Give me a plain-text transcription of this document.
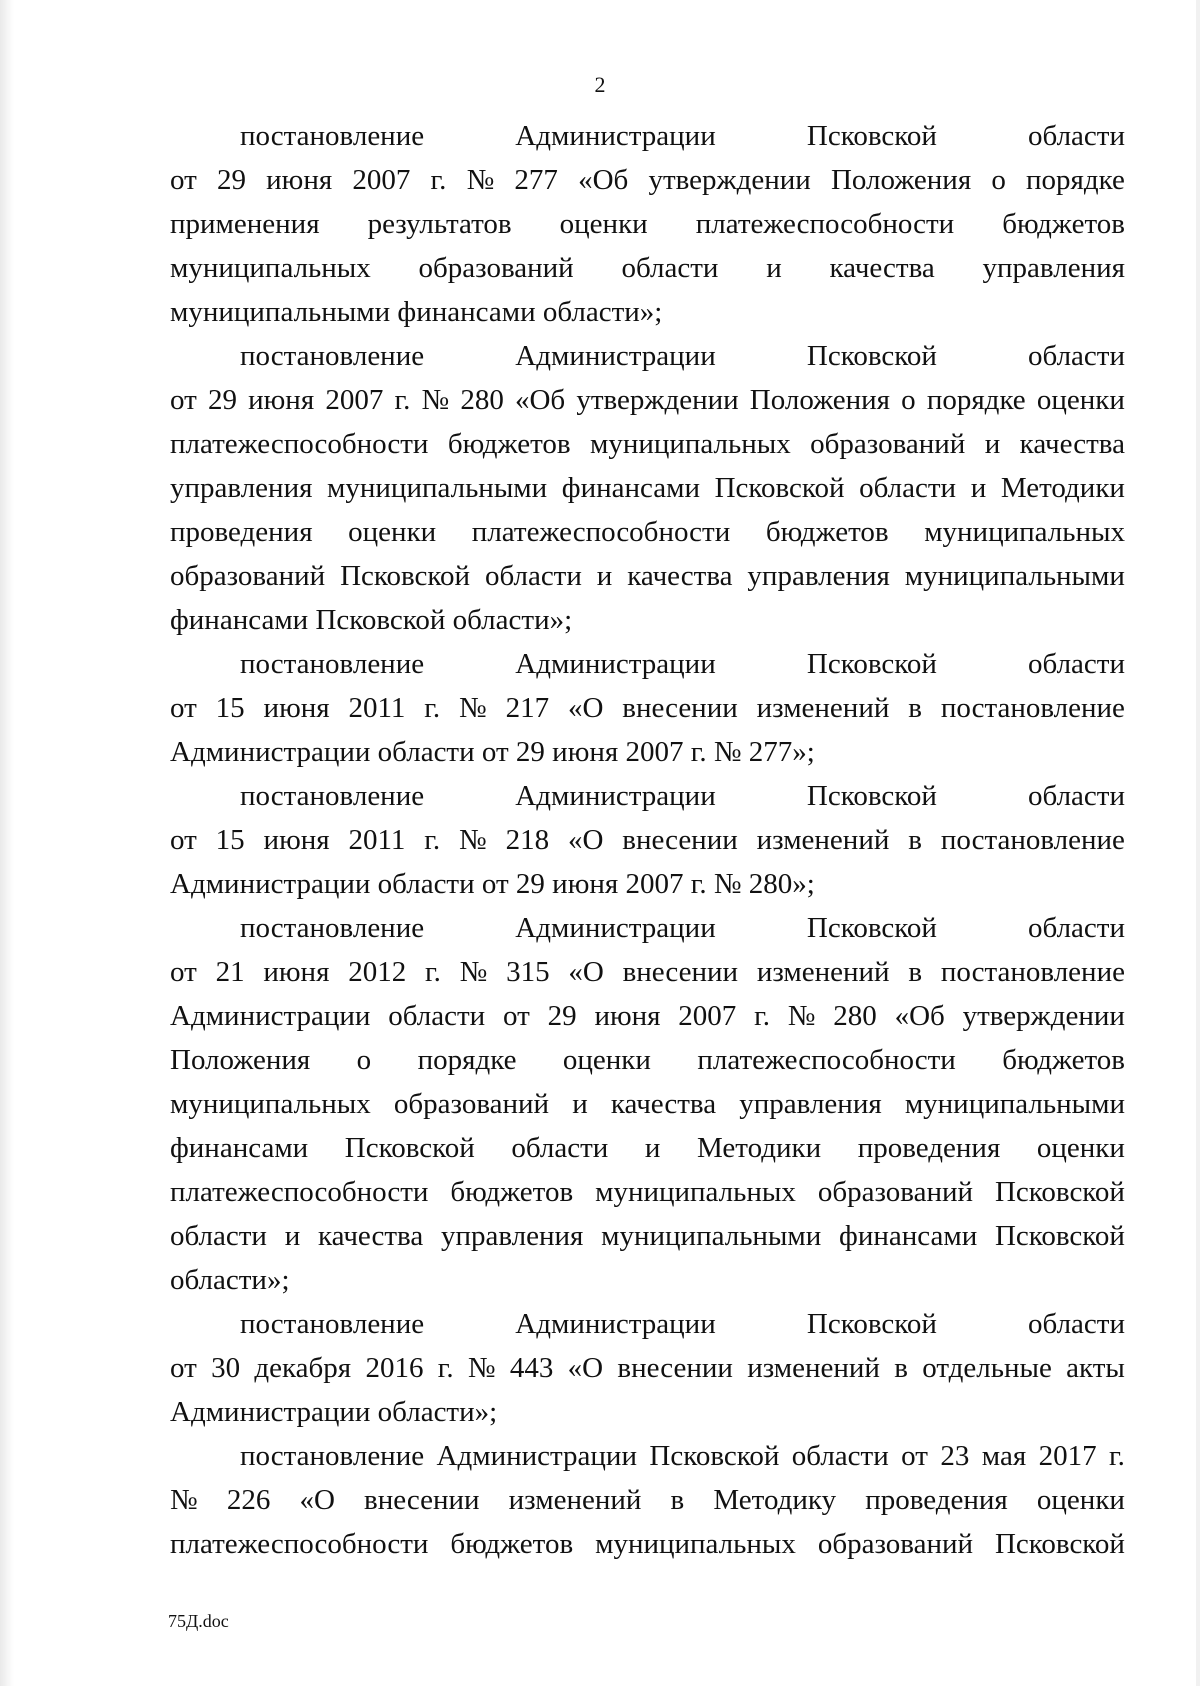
2

постановление	Администрации	Псковской	области
от 29 июня 2007 г. № 277 «Об утверждении Положения о порядке
применения результатов оценки платежеспособности бюджетов
муниципальных образований области и качества управления
муниципальными финансами области»;

постановление	Администрации	Псковской	области
от 29 июня 2007 г. № 280 «Об утверждении Положения о порядке оценки
платежеспособности бюджетов муниципальных образований и качества
управления муниципальными финансами Псковской области и Методики
проведения оценки платежеспособности бюджетов муниципальных
образований Псковской области и качества управления муниципальными
финансами Псковской области»;

постановление	Администрации	Псковской	области
от 15 июня 2011 г. № 217 «О внесении изменений в постановление
Администрации области от 29 июня 2007 г. № 277»;

постановление	Администрации	Псковской	области
от 15 июня 2011 г. № 218 «О внесении изменений в постановление
Администрации области от 29 июня 2007 г. № 280»;

постановление	Администрации	Псковской	области
от 21 июня 2012 г. № 315 «О внесении изменений в постановление
Администрации области от 29 июня 2007 г. № 280 «Об утверждении
Положения о порядке оценки платежеспособности бюджетов
муниципальных образований и качества управления муниципальными
финансами Псковской области и Методики проведения оценки
платежеспособности бюджетов муниципальных образований Псковской
области и качества управления муниципальными финансами Псковской
области»;

постановление	Администрации	Псковской	области
от 30 декабря 2016 г. № 443 «О внесении изменений в отдельные акты
Администрации области»;

постановление Администрации Псковской области от 23 мая 2017 г.
№ 226 «О внесении изменений в Методику проведения оценки
платежеспособности бюджетов муниципальных образований Псковской

75Д.doc
